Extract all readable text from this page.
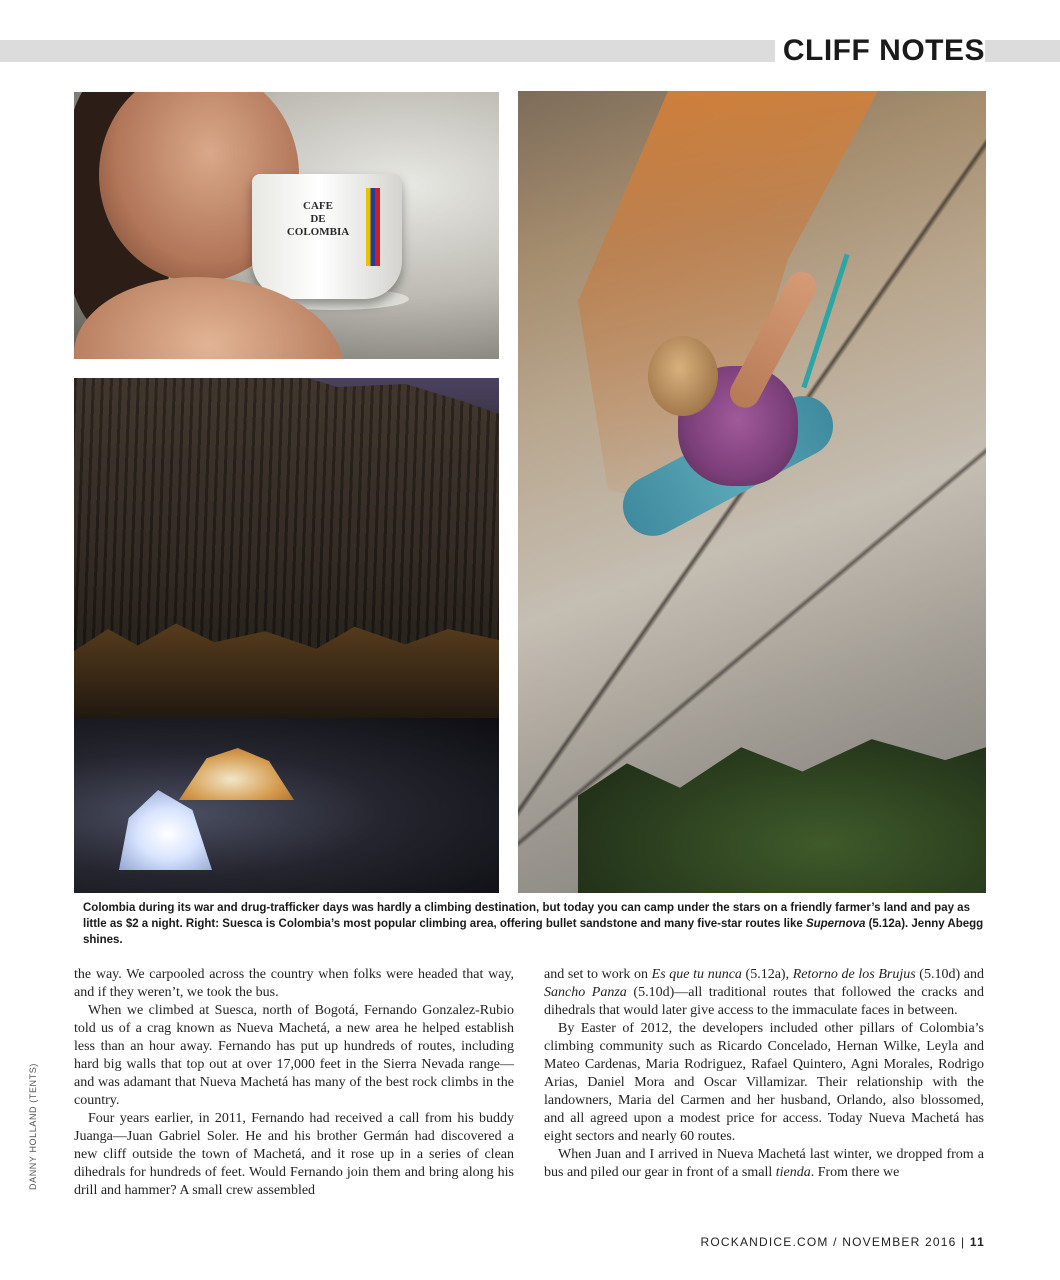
CLIFF NOTES
CAFE
DE
COLOMBIA

Colombia during its war and drug-trafficker days was hardly a climbing destination, but today you can camp under the stars on a friendly farmer’s land and pay as little as $2 a night. Right: Suesca is Colombia’s most popular climbing area, offering bullet sandstone and many five-star routes like Supernova (5.12a). Jenny Abegg shines.

the way. We carpooled across the country when folks were headed that way, and if they weren’t, we took the bus.

When we climbed at Suesca, north of Bogotá, Fernando Gonzalez-Rubio told us of a crag known as Nueva Machetá, a new area he helped establish less than an hour away. Fernando has put up hundreds of routes, including hard big walls that top out at over 17,000 feet in the Sierra Nevada range—and was adamant that Nueva Machetá has many of the best rock climbs in the country.

Four years earlier, in 2011, Fernando had received a call from his buddy Juanga—Juan Gabriel Soler. He and his brother Germán had discovered a new cliff outside the town of Machetá, and it rose up in a series of clean dihedrals for hundreds of feet. Would Fernando join them and bring along his drill and hammer? A small crew assembled

and set to work on Es que tu nunca (5.12a), Retorno de los Brujus (5.10d) and Sancho Panza (5.10d)—all traditional routes that followed the cracks and dihedrals that would later give access to the immaculate faces in between.

By Easter of 2012, the developers included other pillars of Colombia’s climbing community such as Ricardo Concelado, Hernan Wilke, Leyla and Mateo Cardenas, Maria Rodriguez, Rafael Quintero, Agni Morales, Rodrigo Arias, Daniel Mora and Oscar Villamizar. Their relationship with the landowners, Maria del Carmen and her husband, Orlando, also blossomed, and all agreed upon a modest price for access. Today Nueva Machetá has eight sectors and nearly 60 routes.

When Juan and I arrived in Nueva Machetá last winter, we dropped from a bus and piled our gear in front of a small tienda. From there we

DANNY HOLLAND (TENTS)

ROCKANDICE.COM / NOVEMBER 2016 | 11
